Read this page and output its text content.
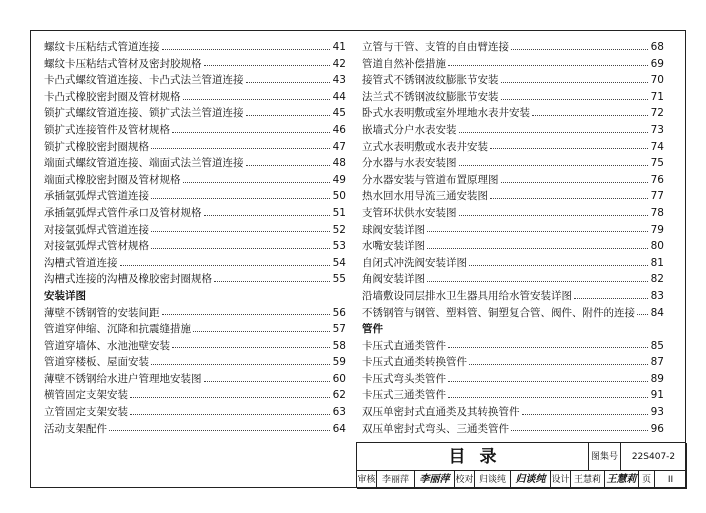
螺纹卡压粘结式管道连接	41
螺纹卡压粘结式管材及密封胶规格	42
卡凸式螺纹管道连接、卡凸式法兰管道连接	43
卡凸式橡胶密封圈及管材规格	44
锁扩式螺纹管道连接、锁扩式法兰管道连接	45
锁扩式连接管件及管材规格	46
锁扩式橡胶密封圈规格	47
端面式螺纹管道连接、端面式法兰管道连接	48
端面式橡胶密封圈及管材规格	49
承插氩弧焊式管道连接	50
承插氩弧焊式管件承口及管材规格	51
对接氩弧焊式管道连接	52
对接氩弧焊式管材规格	53
沟槽式管道连接	54
沟槽式连接的沟槽及橡胶密封圈规格	55
安装详图
薄壁不锈钢管的安装间距	56
管道穿伸缩、沉降和抗震缝措施	57
管道穿墙体、水池池壁安装	58
管道穿楼板、屋面安装	59
薄壁不锈钢给水进户管理地安装图	60
横管固定支架安装	62
立管固定支架安装	63
活动支架配件	64
立管与干管、支管的自由臂连接	68
管道自然补偿措施	69
接管式不锈钢波纹膨胀节安装	70
法兰式不锈钢波纹膨胀节安装	71
卧式水表明敷或室外埋地水表井安装	72
嵌墙式分户水表安装	73
立式水表明敷或水表井安装	74
分水器与水表安装图	75
分水器安装与管道布置原理图	76
热水回水用导流三通安装图	77
支管环状供水安装图	78
球阀安装详图	79
水嘴安装详图	80
自闭式冲洗阀安装详图	81
角阀安装详图	82
沿墙敷设同层排水卫生器具用给水管安装详图	83
不锈钢管与钢管、塑料管、铜塑复合管、阀件、附件的连接 84
管件
卡压式直通类管件	85
卡压式直通类转换管件	87
卡压式弯头类管件	89
卡压式三通类管件	91
双压单密封式直通类及其转换管件	93
双压单密封式弯头、三通类管件	96
目录	图集号	22S407-2
审核 李丽萍	李丽萍 校对 归谈纯 归谈纯 设计 王慧莉 王慧莉 页	II
